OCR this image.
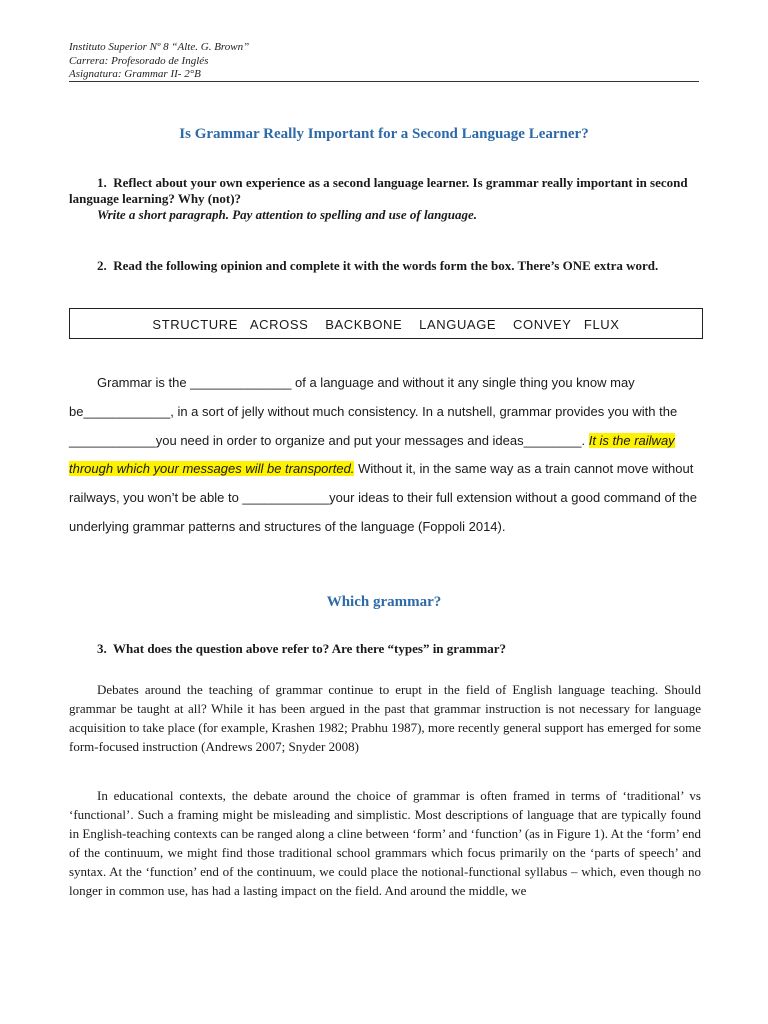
Instituto Superior Nº 8 “Alte. G. Brown”
Carrera: Profesorado de Inglés
Asignatura: Grammar II- 2°B
Is Grammar Really Important for a Second Language Learner?
1. Reflect about your own experience as a second language learner. Is grammar really important in second language learning? Why (not)?
Write a short paragraph. Pay attention to spelling and use of language.
2. Read the following opinion and complete it with the words form the box. There’s ONE extra word.
STRUCTURE   ACROSS    BACKBONE    LANGUAGE    CONVEY   FLUX
Grammar is the ______________ of a language and without it any single thing you know may be____________, in a sort of jelly without much consistency. In a nutshell, grammar provides you with the ____________you need in order to organize and put your messages and ideas________. It is the railway through which your messages will be transported. Without it, in the same way as a train cannot move without railways, you won’t be able to ____________your ideas to their full extension without a good command of the underlying grammar patterns and structures of the language (Foppoli 2014).
Which grammar?
3. What does the question above refer to? Are there “types” in grammar?
Debates around the teaching of grammar continue to erupt in the field of English language teaching. Should grammar be taught at all? While it has been argued in the past that grammar instruction is not necessary for language acquisition to take place (for example, Krashen 1982; Prabhu 1987), more recently general support has emerged for some form-focused instruction (Andrews 2007; Snyder 2008)
In educational contexts, the debate around the choice of grammar is often framed in terms of ‘traditional’ vs ‘functional’. Such a framing might be misleading and simplistic. Most descriptions of language that are typically found in English-teaching contexts can be ranged along a cline between ‘form’ and ‘function’ (as in Figure 1). At the ‘form’ end of the continuum, we might find those traditional school grammars which focus primarily on the ‘parts of speech’ and syntax. At the ‘function’ end of the continuum, we could place the notional-functional syllabus – which, even though no longer in common use, has had a lasting impact on the field. And around the middle, we
